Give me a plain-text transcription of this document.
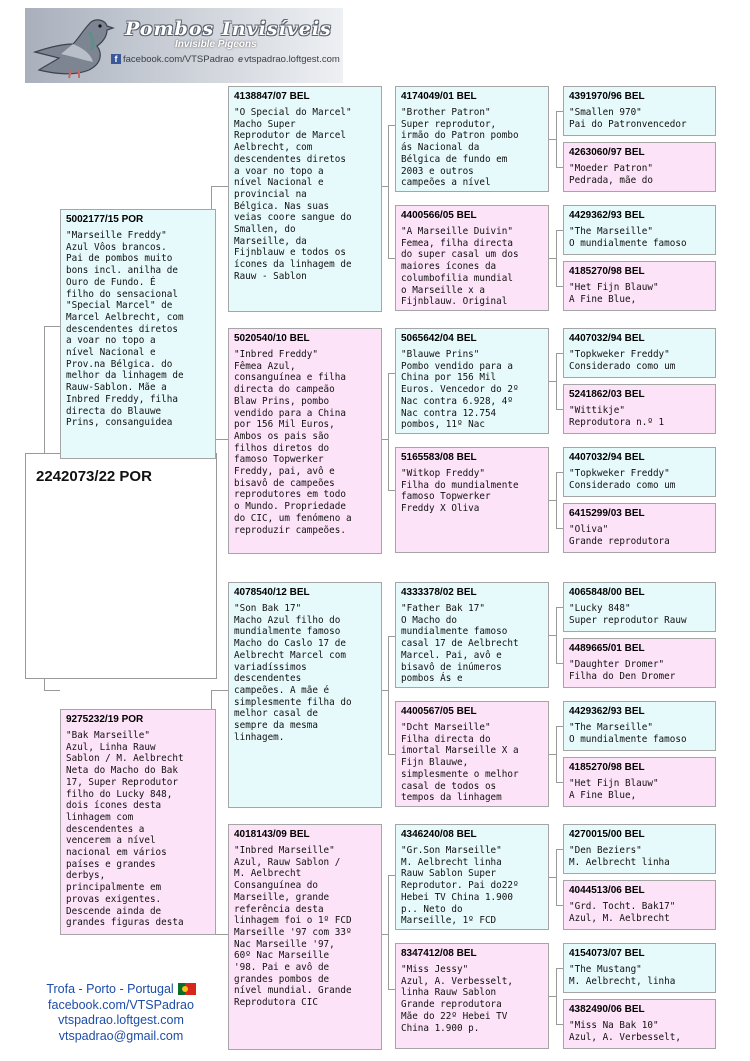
Pombos Invisíveis
Invisible Pigeons
f facebook.com/VTSPadrao evtspadrao.loftgest.com
2242073/22 POR
5002177/15 POR
"Marseille Freddy"
Azul Vôos brancos.
Pai de pombos muito
bons incl. anilha de
Ouro de Fundo. É
filho do sensacional
"Special Marcel" de
Marcel Aelbrecht, com
descendentes diretos
a voar no topo a
nível Nacional e
Prov.na Bélgica. do
melhor da linhagem de
Rauw-Sablon. Mãe a
Inbred Freddy, filha
directa do Blauwe
Prins, consanguidea
9275232/19 POR
"Bak Marseille"
Azul, Linha Rauw
Sablon / M. Aelbrecht
Neta do Macho do Bak
17, Super Reprodutor
filho do Lucky 848,
dois ícones desta
linhagem com
descendentes a
vencerem a nível
nacional em vários
países e grandes
derbys,
principalmente em
provas exigentes.
Descende ainda de
grandes figuras desta
4138847/07 BEL
"O Special do Marcel"
Macho Super
Reprodutor de Marcel
Aelbrecht, com
descendentes diretos
a voar no topo a
nível Nacional e
provincial na
Bélgica. Nas suas
veias coore sangue do
Smallen, do
Marseille, da
Fijnblauw e todos os
ícones da linhagem de
Rauw - Sablon
5020540/10 BEL
"Inbred Freddy"
Fêmea Azul,
consanguínea e filha
directa do campeão
Blaw Prins, pombo
vendido para a China
por 156 Mil Euros,
Ambos os pais são
filhos diretos do
famoso Topwerker
Freddy, pai, avô e
bisavô de campeões
reprodutores em todo
o Mundo. Propriedade
do CIC, um fenómeno a
reproduzir campeões.
4078540/12 BEL
"Son Bak 17"
Macho Azul filho do
mundialmente famoso
Macho do Caslo 17 de
Aelbrecht Marcel com
variadíssimos
descendentes
campeões. A mãe é
simplesmente filha do
melhor casal de
sempre da mesma
linhagem.
4018143/09 BEL
"Inbred Marseille"
Azul, Rauw Sablon /
M. Aelbrecht
Consanguínea do
Marseille, grande
referência desta
linhagem foi o 1º FCD
Marseille '97 com 33º
Nac Marseille '97,
60º Nac Marseille
'98. Pai e avô de
grandes pombos de
nível mundial. Grande
Reprodutora CIC
4174049/01 BEL
"Brother Patron"
Super reprodutor,
irmão do Patron pombo
ás Nacional da
Bélgica de fundo em
2003 e outros
campeões a nível
4400566/05 BEL
"A Marseille Duivin"
Femea, filha directa
do super casal um dos
maiores ícones da
columbofilia mundial
o Marseille x a
Fijnblauw. Original
5065642/04 BEL
"Blauwe Prins"
Pombo vendido para a
China por 156 Mil
Euros. Vencedor do 2º
Nac contra 6.928, 4º
Nac contra 12.754
pombos, 11º Nac
5165583/08 BEL
"Witkop Freddy"
Filha do mundialmente
famoso Topwerker
Freddy X Oliva
4333378/02 BEL
"Father Bak 17"
O Macho do
mundialmente famoso
casal 17 de Aelbrecht
Marcel. Pai, avô e
bisavô de inúmeros
pombos Ás e
4400567/05 BEL
"Dcht Marseille"
Filha directa do
imortal Marseille X a
Fijn Blauwe,
simplesmente o melhor
casal de todos os
tempos da linhagem
4346240/08 BEL
"Gr.Son Marseille"
M. Aelbrecht linha
Rauw Sablon Super
Reprodutor. Pai do22º
Hebei TV China 1.900
p.. Neto do
Marseille, 1º FCD
8347412/08 BEL
"Miss Jessy"
Azul, A. Verbesselt,
linha Rauw Sablon
Grande reprodutora
Mãe do 22º Hebei TV
China 1.900 p.
4391970/96 BEL
"Smallen 970"
Pai do Patronvencedor
4263060/97 BEL
"Moeder Patron"
Pedrada, mãe do
4429362/93 BEL
"The Marseille"
O mundialmente famoso
4185270/98 BEL
"Het Fijn Blauw"
A Fine Blue,
4407032/94 BEL
"Topkweker Freddy"
Considerado como um
5241862/03 BEL
"Wittikje"
Reprodutora n.º 1
4407032/94 BEL
"Topkweker Freddy"
Considerado como um
6415299/03 BEL
"Oliva"
Grande reprodutora
4065848/00 BEL
"Lucky 848"
Super reprodutor Rauw
4489665/01 BEL
"Daughter Dromer"
Filha do Den Dromer
4429362/93 BEL
"The Marseille"
O mundialmente famoso
4185270/98 BEL
"Het Fijn Blauw"
A Fine Blue,
4270015/00 BEL
"Den Beziers"
M. Aelbrecht linha
4044513/06 BEL
"Grd. Tocht. Bak17"
Azul, M. Aelbrecht
4154073/07 BEL
"The Mustang"
M. Aelbrecht, linha
4382490/06 BEL
"Miss Na Bak 10"
Azul, A. Verbesselt,
Trofa - Porto - Portugal
facebook.com/VTSPadrao
vtspadrao.loftgest.com
vtspadrao@gmail.com
